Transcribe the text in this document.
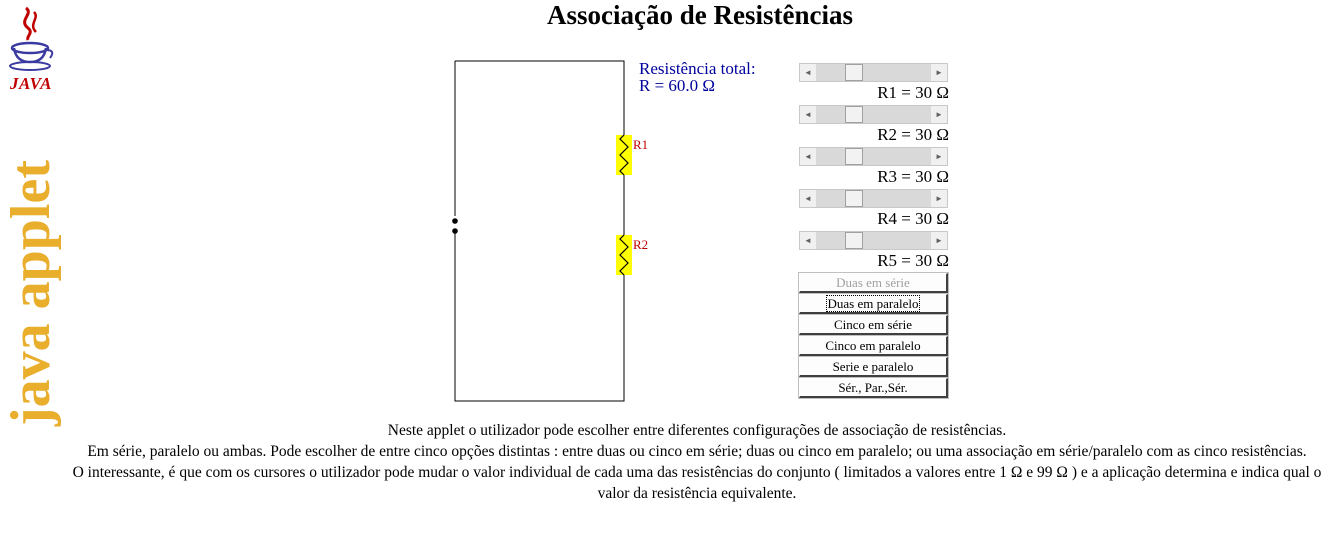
JAVA
java applet
Associação de Resistências
R1
R2
Resistência total:
R = 60.0 Ω
◄	►
R1 = 30 Ω
◄	►
R2 = 30 Ω
◄	►
R3 = 30 Ω
◄	►
R4 = 30 Ω
◄	►
R5 = 30 Ω
Duas em série
Duas em paralelo
Cinco em série
Cinco em paralelo
Serie e paralelo
Sér., Par.,Sér.
Neste applet o utilizador pode escolher entre diferentes configurações de associação de resistências.
Em série, paralelo ou ambas. Pode escolher de entre cinco opções distintas : entre duas ou cinco em série; duas ou cinco em paralelo; ou uma associação em série/paralelo com as cinco resistências.
O interessante, é que com os cursores o utilizador pode mudar o valor individual de cada uma das resistências do conjunto ( limitados a valores entre 1 Ω e 99 Ω ) e a aplicação determina e indica qual o valor da resistência equivalente.
